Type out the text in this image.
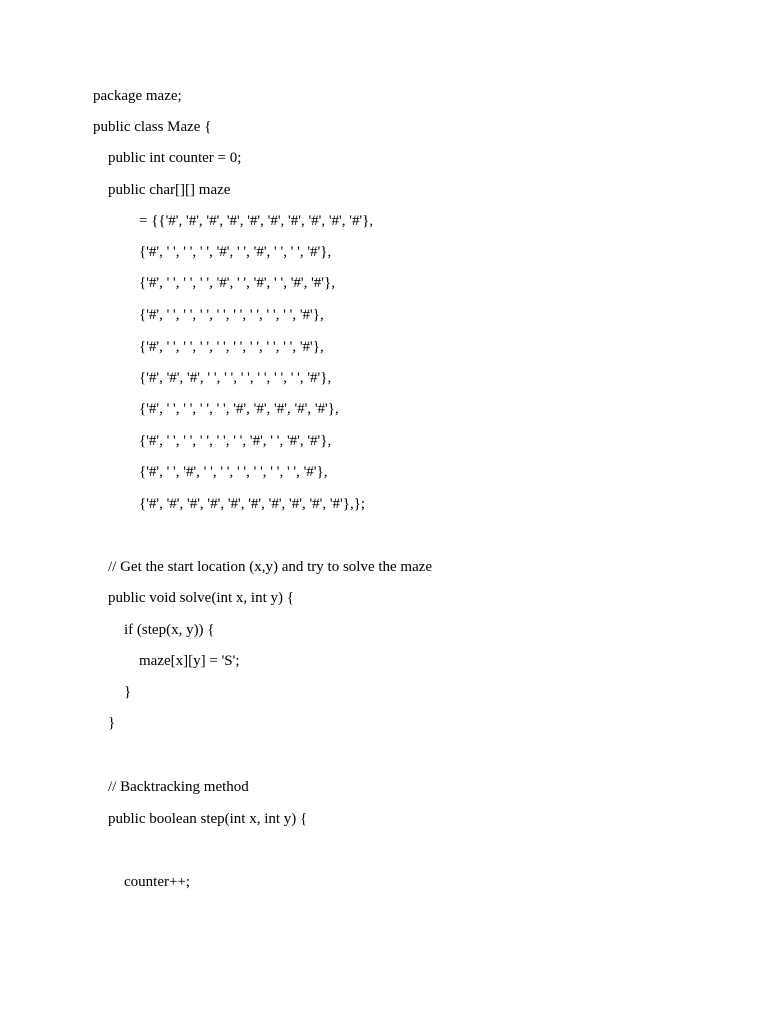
package maze;
public class Maze {
public int counter = 0;
public char[][] maze
= {{'#', '#', '#', '#', '#', '#', '#', '#', '#', '#'},
{'#', ' ', ' ', ' ', '#', ' ', '#', ' ', ' ', '#'},
{'#', ' ', ' ', ' ', '#', ' ', '#', ' ', '#', '#'},
{'#', ' ', ' ', ' ', ' ', ' ', ' ', ' ', ' ', '#'},
{'#', ' ', ' ', ' ', ' ', ' ', ' ', ' ', ' ', '#'},
{'#', '#', '#', ' ', ' ', ' ', ' ', ' ', ' ', '#'},
{'#', ' ', ' ', ' ', ' ', '#', '#', '#', '#', '#'},
{'#', ' ', ' ', ' ', ' ', ' ', '#', ' ', '#', '#'},
{'#', ' ', '#', ' ', ' ', ' ', ' ', ' ', ' ', '#'},
{'#', '#', '#', '#', '#', '#', '#', '#', '#', '#'},};
// Get the start location (x,y) and try to solve the maze
public void solve(int x, int y) {
if (step(x, y)) {
maze[x][y] = 'S';
}
}
// Backtracking method
public boolean step(int x, int y) {
counter++;
